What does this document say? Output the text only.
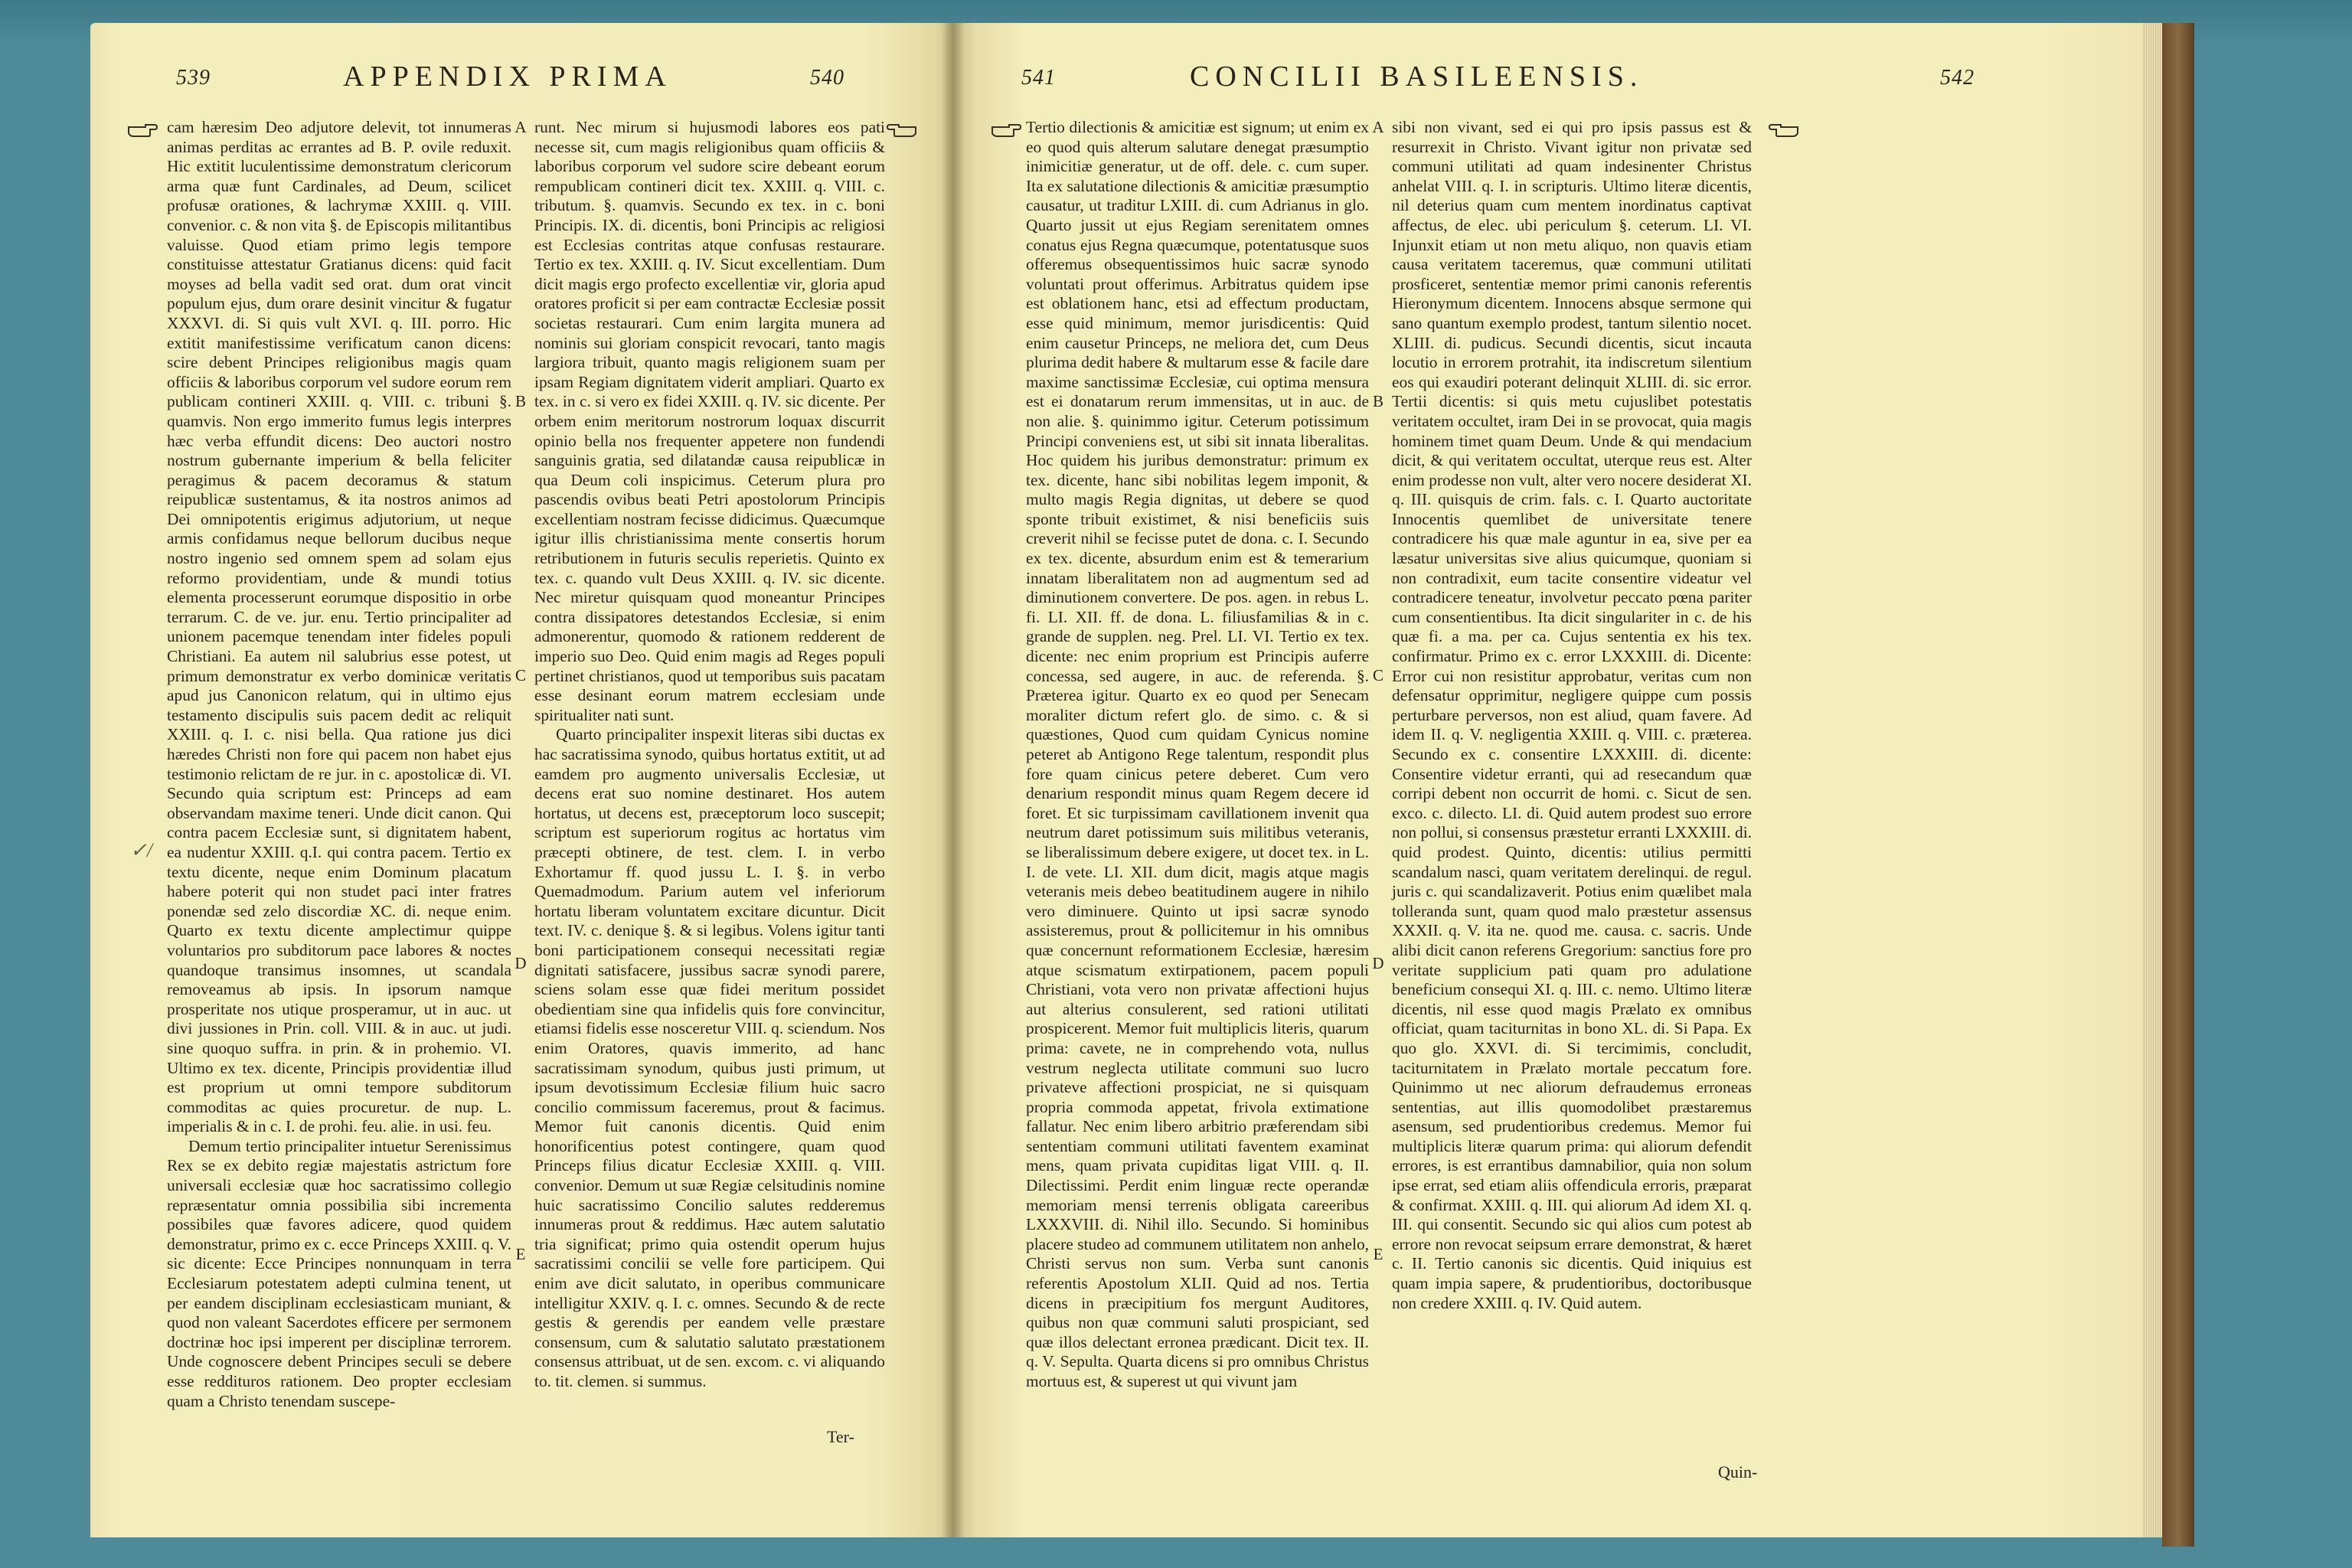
539	APPENDIX PRIMA	540
✓/

cam hæresim Deo adjutore delevit, tot innumeras animas perditas ac errantes ad B. P. ovile reduxit. Hic extitit luculentissime demonstratum clericorum arma quæ funt Cardinales, ad Deum, scilicet profusæ orationes, & lachrymæ XXIII. q. VIII. convenior. c. & non vita §. de Episcopis militantibus valuisse. Quod etiam primo legis tempore constituisse attestatur Gratianus dicens: quid facit moyses ad bella vadit sed orat. dum orat vincit populum ejus, dum orare desinit vincitur & fugatur XXXVI. di. Si quis vult XVI. q. III. porro. Hic extitit manifestissime verificatum canon dicens: scire debent Principes religionibus magis quam officiis & laboribus corporum vel sudore eorum rem publicam contineri XXIII. q. VIII. c. tribuni §. quamvis. Non ergo immerito fumus legis interpres hæc verba effundit dicens: Deo auctori nostro nostrum gubernante imperium & bella feliciter peragimus & pacem decoramus & statum reipublicæ sustentamus, & ita nostros animos ad Dei omnipotentis erigimus adjutorium, ut neque armis confidamus neque bellorum ducibus neque nostro ingenio sed omnem spem ad solam ejus reformo providentiam, unde & mundi totius elementa processerunt eorumque dispositio in orbe terrarum. C. de ve. jur. enu. Tertio principaliter ad unionem pacemque tenendam inter fideles populi Christiani. Ea autem nil salubrius esse potest, ut primum demonstratur ex verbo dominicæ veritatis apud jus Canonicon relatum, qui in ultimo ejus testamento discipulis suis pacem dedit ac reliquit XXIII. q. I. c. nisi bella. Qua ratione jus dici hæredes Christi non fore qui pacem non habet ejus testimonio relictam de re jur. in c. apostolicæ di. VI. Secundo quia scriptum est: Princeps ad eam observandam maxime teneri. Unde dicit canon. Qui contra pacem Ecclesiæ sunt, si dignitatem habent, ea nudentur XXIII. q.I. qui contra pacem. Tertio ex textu dicente, neque enim Dominum placatum habere poterit qui non studet paci inter fratres ponendæ sed zelo discordiæ XC. di. neque enim. Quarto ex textu dicente amplectimur quippe voluntarios pro subditorum pace labores & noctes quandoque transimus insomnes, ut scandala removeamus ab ipsis. In ipsorum namque prosperitate nos utique prosperamur, ut in auc. ut divi jussiones in Prin. coll. VIII. & in auc. ut judi. sine quoquo suffra. in prin. & in prohemio. VI. Ultimo ex tex. dicente, Principis providentiæ illud est proprium ut omni tempore subditorum commoditas ac quies procuretur. de nup. L. imperialis & in c. I. de prohi. feu. alie. in usi. feu.

Demum tertio principaliter intuetur Serenissimus Rex se ex debito regiæ majestatis astrictum fore universali ecclesiæ quæ hoc sacratissimo collegio repræsentatur omnia possibilia sibi incrementa possibiles quæ favores adicere, quod quidem demonstratur, primo ex c. ecce Princeps XXIII. q. V. sic dicente: Ecce Principes nonnunquam in terra Ecclesiarum potestatem adepti culmina tenent, ut per eandem disciplinam ecclesiasticam muniant, & quod non valeant Sacerdotes efficere per sermonem doctrinæ hoc ipsi imperent per disciplinæ terrorem. Unde cognoscere debent Principes seculi se debere esse reddituros rationem. Deo propter ecclesiam quam a Christo tenendam suscepe-

A
B
C
D
E

runt. Nec mirum si hujusmodi labores eos pati necesse sit, cum magis religionibus quam officiis & laboribus corporum vel sudore scire debeant eorum rempublicam contineri dicit tex. XXIII. q. VIII. c. tributum. §. quamvis. Secundo ex tex. in c. boni Principis. IX. di. dicentis, boni Principis ac religiosi est Ecclesias contritas atque confusas restaurare. Tertio ex tex. XXIII. q. IV. Sicut excellentiam. Dum dicit magis ergo profecto excellentiæ vir, gloria apud oratores proficit si per eam contractæ Ecclesiæ possit societas restaurari. Cum enim largita munera ad nominis sui gloriam conspicit revocari, tanto magis largiora tribuit, quanto magis religionem suam per ipsam Regiam dignitatem viderit ampliari. Quarto ex tex. in c. si vero ex fidei XXIII. q. IV. sic dicente. Per orbem enim meritorum nostrorum loquax discurrit opinio bella nos frequenter appetere non fundendi sanguinis gratia, sed dilatandæ causa reipublicæ in qua Deum coli inspicimus. Ceterum plura pro pascendis ovibus beati Petri apostolorum Principis excellentiam nostram fecisse didicimus. Quæcumque igitur illis christianissima mente consertis horum retributionem in futuris seculis reperietis. Quinto ex tex. c. quando vult Deus XXIII. q. IV. sic dicente. Nec miretur quisquam quod moneantur Principes contra dissipatores detestandos Ecclesiæ, si enim admonerentur, quomodo & rationem redderent de imperio suo Deo. Quid enim magis ad Reges populi pertinet christianos, quod ut temporibus suis pacatam esse desinant eorum matrem ecclesiam unde spiritualiter nati sunt.

Quarto principaliter inspexit literas sibi ductas ex hac sacratissima synodo, quibus hortatus extitit, ut ad eamdem pro augmento universalis Ecclesiæ, ut decens erat suo nomine destinaret. Hos autem hortatus, ut decens est, præceptorum loco suscepit; scriptum est superiorum rogitus ac hortatus vim præcepti obtinere, de test. clem. I. in verbo Exhortamur ff. quod jussu L. I. §. in verbo Quemadmodum. Parium autem vel inferiorum hortatu liberam voluntatem excitare dicuntur. Dicit text. IV. c. denique §. & si legibus. Volens igitur tanti boni participationem consequi necessitati regiæ dignitati satisfacere, jussibus sacræ synodi parere, sciens solam esse quæ fidei meritum possidet obedientiam sine qua infidelis quis fore convincitur, etiamsi fidelis esse nosceretur VIII. q. sciendum. Nos enim Oratores, quavis immerito, ad hanc sacratissimam synodum, quibus justi primum, ut ipsum devotissimum Ecclesiæ filium huic sacro concilio commissum faceremus, prout & facimus. Memor fuit canonis dicentis. Quid enim honorificentius potest contingere, quam quod Princeps filius dicatur Ecclesiæ XXIII. q. VIII. convenior. Demum ut suæ Regiæ celsitudinis nomine huic sacratissimo Concilio salutes redderemus innumeras prout & reddimus. Hæc autem salutatio tria significat; primo quia ostendit operum hujus sacratissimi concilii se velle fore participem. Qui enim ave dicit salutato, in operibus communicare intelligitur XXIV. q. I. c. omnes. Secundo & de recte gestis & gerendis per eandem velle præstare consensum, cum & salutatio salutato præstationem consensus attribuat, ut de sen. excom. c. vi aliquando to. tit. clemen. si summus.

Ter-
541	CONCILII BASILEENSIS.	542

Tertio dilectionis & amicitiæ est signum; ut enim ex eo quod quis alterum salutare denegat præsumptio inimicitiæ generatur, ut de off. dele. c. cum super. Ita ex salutatione dilectionis & amicitiæ præsumptio causatur, ut traditur LXIII. di. cum Adrianus in glo. Quarto jussit ut ejus Regiam serenitatem omnes conatus ejus Regna quæcumque, potentatusque suos offeremus obsequentissimos huic sacræ synodo voluntati prout offerimus. Arbitratus quidem ipse est oblationem hanc, etsi ad effectum productam, esse quid minimum, memor jurisdicentis: Quid enim causetur Princeps, ne meliora det, cum Deus plurima dedit habere & multarum esse & facile dare maxime sanctissimæ Ecclesiæ, cui optima mensura est ei donatarum rerum immensitas, ut in auc. de non alie. §. quinimmo igitur. Ceterum potissimum Principi conveniens est, ut sibi sit innata liberalitas. Hoc quidem his juribus demonstratur: primum ex tex. dicente, hanc sibi nobilitas legem imponit, & multo magis Regia dignitas, ut debere se quod sponte tribuit existimet, & nisi beneficiis suis creverit nihil se fecisse putet de dona. c. I. Secundo ex tex. dicente, absurdum enim est & temerarium innatam liberalitatem non ad augmentum sed ad diminutionem convertere. De pos. agen. in rebus L. fi. LI. XII. ff. de dona. L. filiusfamilias & in c. grande de supplen. neg. Prel. LI. VI. Tertio ex tex. dicente: nec enim proprium est Principis auferre concessa, sed augere, in auc. de referenda. §. Præterea igitur. Quarto ex eo quod per Senecam moraliter dictum refert glo. de simo. c. & si quæstiones, Quod cum quidam Cynicus nomine peteret ab Antigono Rege talentum, respondit plus fore quam cinicus petere deberet. Cum vero denarium respondit minus quam Regem decere id foret. Et sic turpissimam cavillationem invenit qua neutrum daret potissimum suis militibus veteranis, se liberalissimum debere exigere, ut docet tex. in L. I. de vete. LI. XII. dum dicit, magis atque magis veteranis meis debeo beatitudinem augere in nihilo vero diminuere. Quinto ut ipsi sacræ synodo assisteremus, prout & pollicitemur in his omnibus quæ concernunt reformationem Ecclesiæ, hæresim atque scismatum extirpationem, pacem populi Christiani, vota vero non privatæ affectioni hujus aut alterius consulerent, sed rationi utilitati prospicerent. Memor fuit multiplicis literis, quarum prima: cavete, ne in comprehendo vota, nullus vestrum neglecta utilitate communi suo lucro privateve affectioni prospiciat, ne si quisquam propria commoda appetat, frivola extimatione fallatur. Nec enim libero arbitrio præferendam sibi sententiam communi utilitati faventem examinat mens, quam privata cupiditas ligat VIII. q. II. Dilectissimi. Perdit enim linguæ recte operandæ memoriam mensi terrenis obligata careeribus LXXXVIII. di. Nihil illo. Secundo. Si hominibus placere studeo ad communem utilitatem non anhelo, Christi servus non sum. Verba sunt canonis referentis Apostolum XLII. Quid ad nos. Tertia dicens in præcipitium fos mergunt Auditores, quibus non quæ communi saluti prospiciant, sed quæ illos delectant erronea prædicant. Dicit tex. II. q. V. Sepulta. Quarta dicens si pro omnibus Christus mortuus est, & superest ut qui vivunt jam

A
B
C
D
E

sibi non vivant, sed ei qui pro ipsis passus est & resurrexit in Christo. Vivant igitur non privatæ sed communi utilitati ad quam indesinenter Christus anhelat VIII. q. I. in scripturis. Ultimo literæ dicentis, nil deterius quam cum mentem inordinatus captivat affectus, de elec. ubi periculum §. ceterum. LI. VI. Injunxit etiam ut non metu aliquo, non quavis etiam causa veritatem taceremus, quæ communi utilitati prosficeret, sententiæ memor primi canonis referentis Hieronymum dicentem. Innocens absque sermone qui sano quantum exemplo prodest, tantum silentio nocet. XLIII. di. pudicus. Secundi dicentis, sicut incauta locutio in errorem protrahit, ita indiscretum silentium eos qui exaudiri poterant delinquit XLIII. di. sic error. Tertii dicentis: si quis metu cujuslibet potestatis veritatem occultet, iram Dei in se provocat, quia magis hominem timet quam Deum. Unde & qui mendacium dicit, & qui veritatem occultat, uterque reus est. Alter enim prodesse non vult, alter vero nocere desiderat XI. q. III. quisquis de crim. fals. c. I. Quarto auctoritate Innocentis quemlibet de universitate tenere contradicere his quæ male aguntur in ea, sive per ea læsatur universitas sive alius quicumque, quoniam si non contradixit, eum tacite consentire videatur vel contradicere teneatur, involvetur peccato pœna pariter cum consentientibus. Ita dicit singulariter in c. de his quæ fi. a ma. per ca. Cujus sententia ex his tex. confirmatur. Primo ex c. error LXXXIII. di. Dicente: Error cui non resistitur approbatur, veritas cum non defensatur opprimitur, negligere quippe cum possis perturbare perversos, non est aliud, quam favere. Ad idem II. q. V. negligentia XXIII. q. VIII. c. præterea. Secundo ex c. consentire LXXXIII. di. dicente: Consentire videtur erranti, qui ad resecandum quæ corripi debent non occurrit de homi. c. Sicut de sen. exco. c. dilecto. LI. di. Quid autem prodest suo errore non pollui, si consensus præstetur erranti LXXXIII. di. quid prodest. Quinto, dicentis: utilius permitti scandalum nasci, quam veritatem derelinqui. de regul. juris c. qui scandalizaverit. Potius enim quælibet mala tolleranda sunt, quam quod malo præstetur assensus XXXII. q. V. ita ne. quod me. causa. c. sacris. Unde alibi dicit canon referens Gregorium: sanctius fore pro veritate supplicium pati quam pro adulatione beneficium consequi XI. q. III. c. nemo. Ultimo literæ dicentis, nil esse quod magis Prælato ex omnibus officiat, quam taciturnitas in bono XL. di. Si Papa. Ex quo glo. XXVI. di. Si tercimimis, concludit, taciturnitatem in Prælato mortale peccatum fore. Quinimmo ut nec aliorum defraudemus erroneas sententias, aut illis quomodolibet præstaremus asensum, sed prudentioribus credemus. Memor fui multiplicis literæ quarum prima: qui aliorum defendit errores, is est errantibus damnabilior, quia non solum ipse errat, sed etiam aliis offendicula erroris, præparat & confirmat. XXIII. q. III. qui aliorum Ad idem XI. q. III. qui consentit. Secundo sic qui alios cum potest ab errore non revocat seipsum errare demonstrat, & hæret c. II. Tertio canonis sic dicentis. Quid iniquius est quam impia sapere, & prudentioribus, doctoribusque non credere XXIII. q. IV. Quid autem.

Quin-
